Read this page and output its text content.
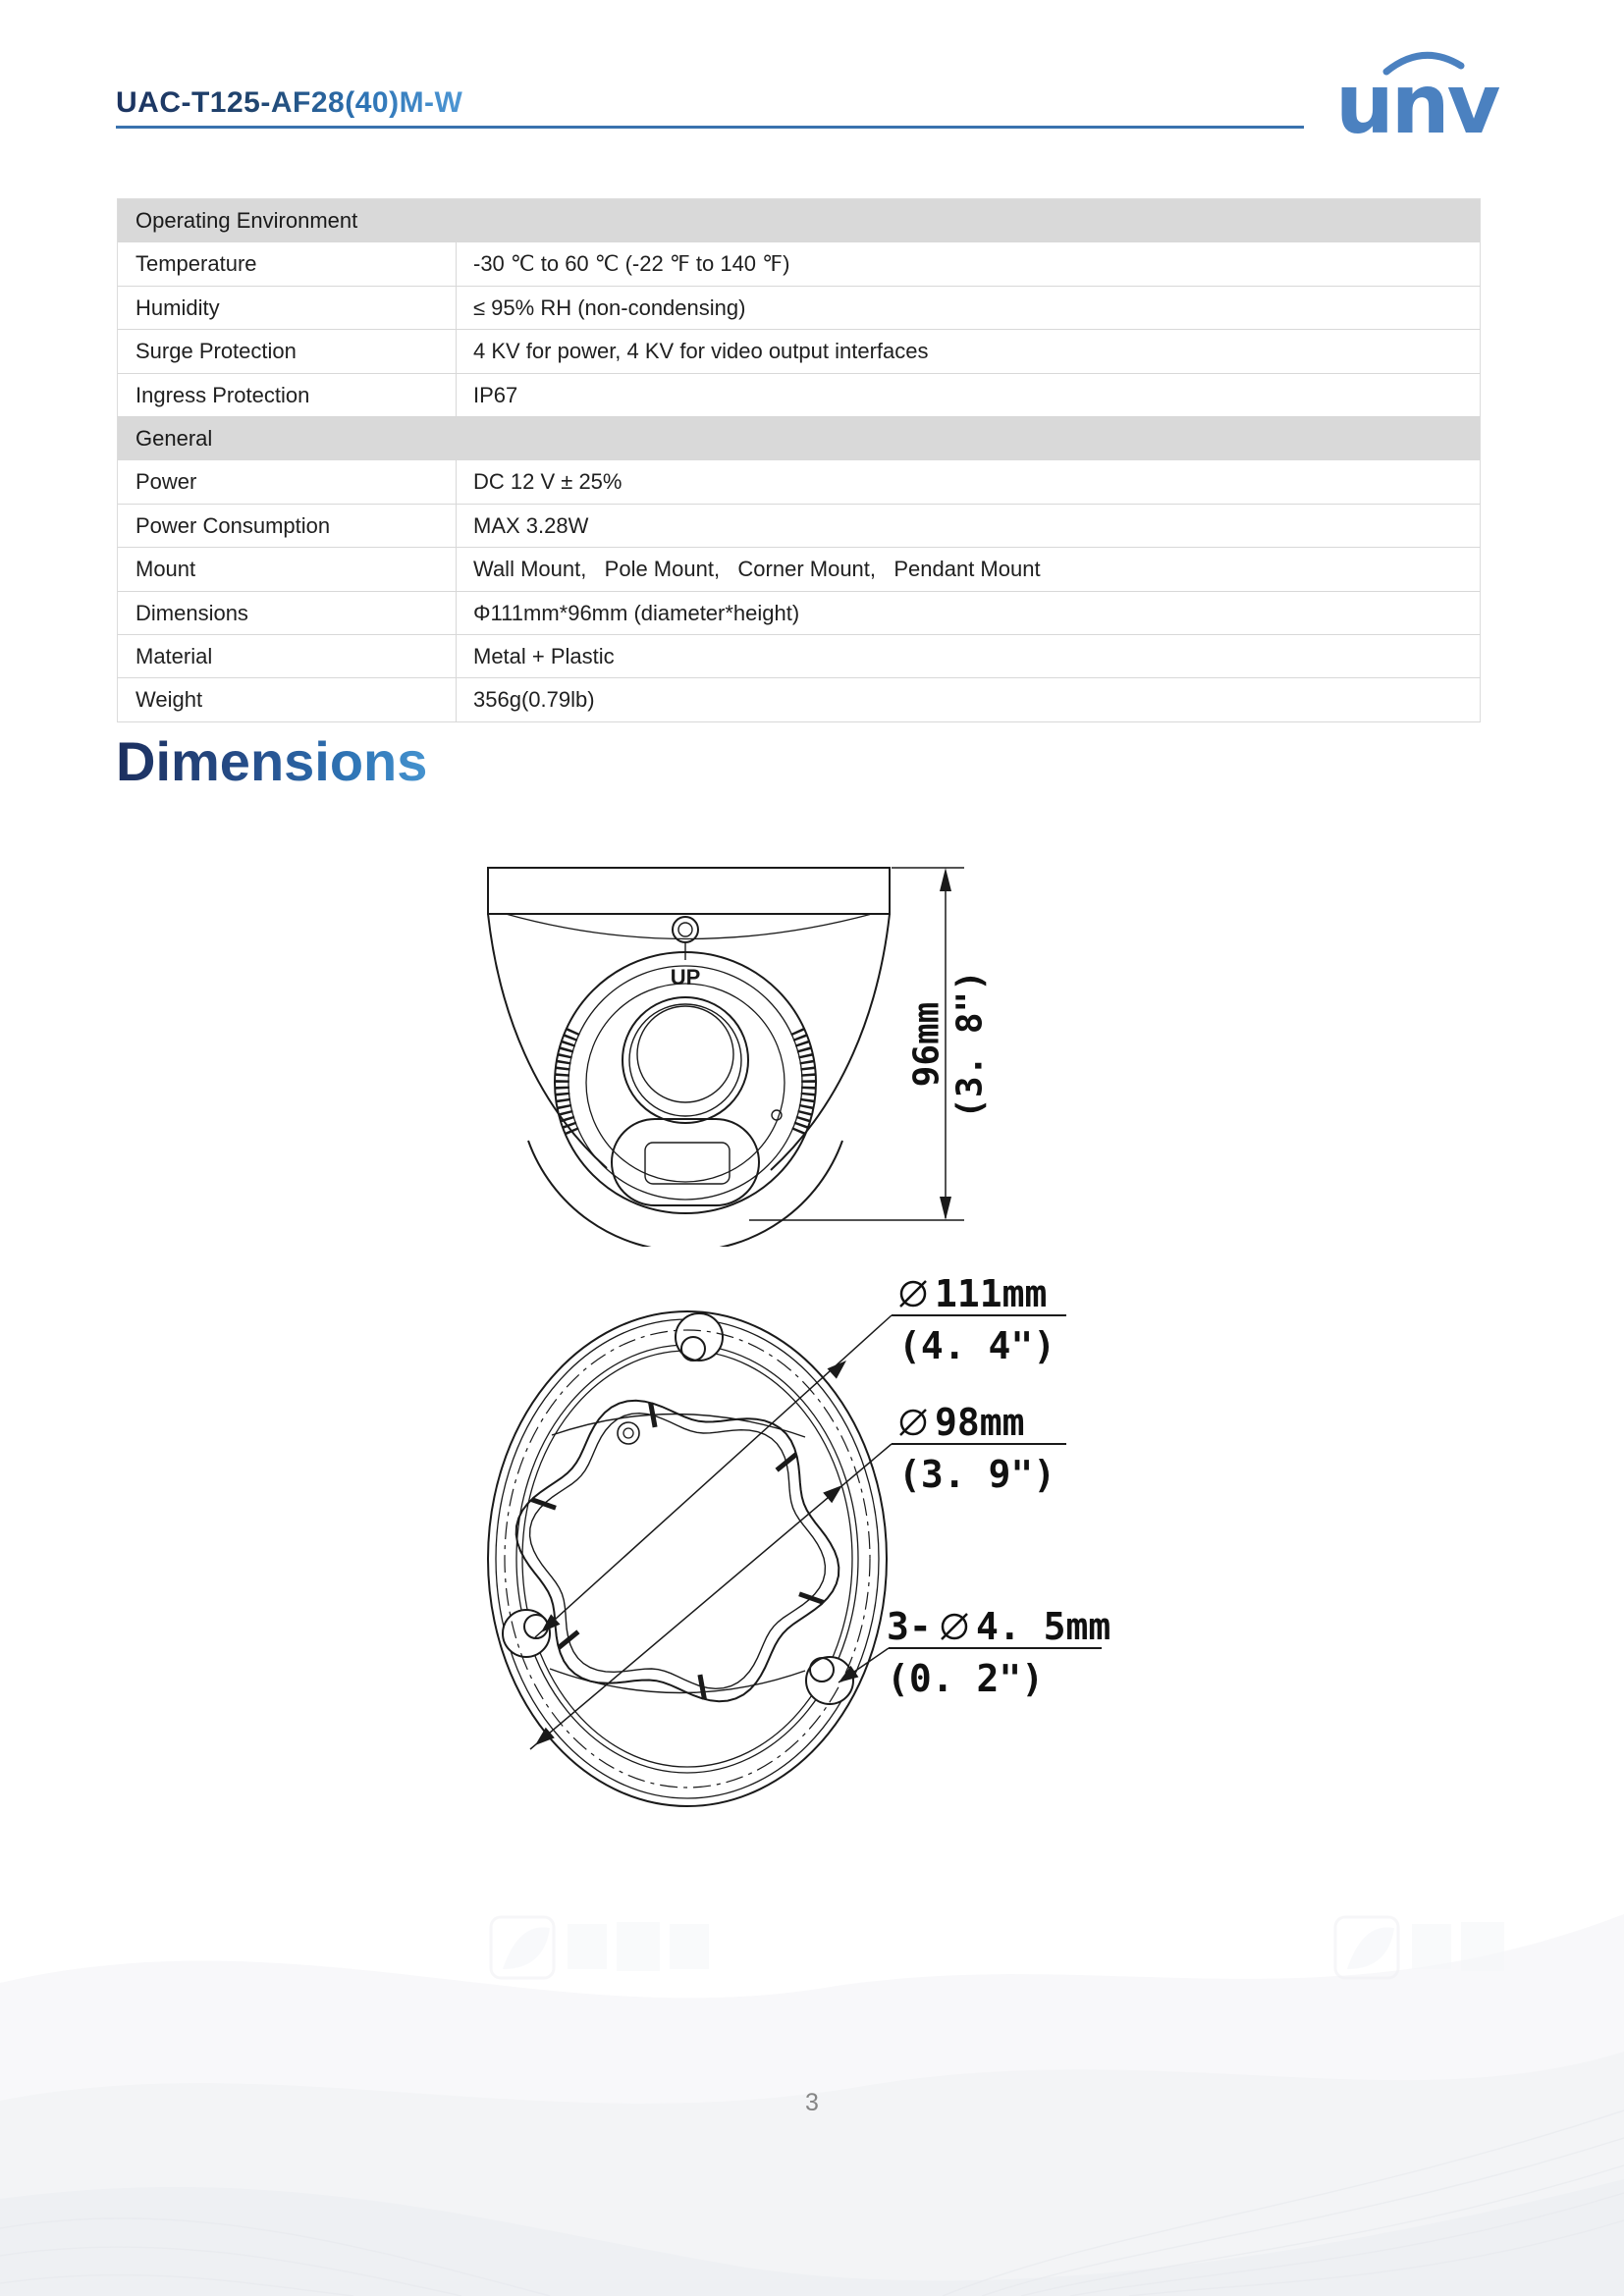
UAC-T125-AF28(40)M-W	unv
Operating Environment
Temperature	-30 ℃ to 60 ℃ (-22 ℉ to 140 ℉)
Humidity	≤ 95% RH (non-condensing)
Surge Protection	4 KV for power, 4 KV for video output interfaces
Ingress Protection	IP67
General
Power	DC 12 V ± 25%
Power Consumption	MAX 3.28W
Mount	Wall Mount,   Pole Mount,   Corner Mount,   Pendant Mount
Dimensions	Φ111mm*96mm (diameter*height)
Material	Metal + Plastic
Weight	356g(0.79lb)
Dimensions
UP
96mm (3. 8")
111mm
(4. 4")
98mm
(3. 9")
3- 4. 5mm
(0. 2")
3
